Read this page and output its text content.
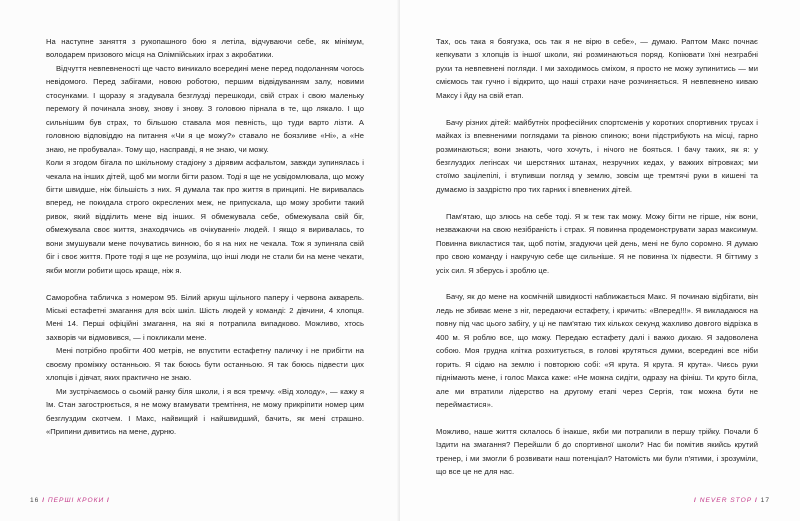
На наступне заняття з рукопашного бою я летіла, відчуваючи себе, як мінімум, володарем призового місця на Олімпійських іграх з акробатики.

Відчуття невпевненості ще часто виникало всередині мене перед подоланням чогось невідомого. Перед забігами, новою роботою, першим відвідуванням залу, новими стосунками. І щоразу я згадувала безглузді перешкоди, свій страх і свою маленьку перемогу й починала знову, знову і знову. З головою пірнала в те, що лякало. І що сильнішим був страх, то більшою ставала моя певність, що туди варто лізти. А головною відповіддю на питання «Чи я це можу?» ставало не боязливе «Ні», а «Не знаю, не пробувала». Тому що, насправді, я не знаю, чи можу.

Коли я згодом бігала по шкільному стадіону з дірявим асфальтом, завжди зупинялась і чекала на інших дітей, щоб ми могли бігти разом. Тоді я ще не усвідомлювала, що можу бігти швидше, ніж більшість з них. Я думала так про життя в принципі. Не виривалась вперед, не покидала строго окреслених меж, не припускала, що можу зробити такий ривок, який відділить мене від інших. Я обмежувала себе, обмежувала свій біг, обмежувала своє життя, знаходячись «в очікуванні» людей. І якщо я виривалась, то вони змушували мене почуватись винною, бо я на них не чекала. Тож я зупиняла свій біг і своє життя. Проте тоді я ще не розуміла, що інші люди не стали би на мене чекати, якби могли робити щось краще, ніж я.

Саморобна табличка з номером 95. Білий аркуш щільного паперу і червона акварель. Міські естафетні змагання для всіх шкіл. Шість людей у команді: 2 дівчини, 4 хлопця. Мені 14. Перші офіційні змагання, на які я потрапила випадково. Можливо, хтось захворів чи відмовився, — і покликали мене.

Мені потрібно пробігти 400 метрів, не впустити естафетну паличку і не прибігти на своєму проміжку останньою. Я так боюсь бути останньою. Я так боюсь підвести цих хлопців і дівчат, яких практично не знаю.

Ми зустрічаємось о сьомій ранку біля школи, і я вся тремчу. «Від холоду», — кажу я їм. Стан загострюється, я не можу вгамувати тремтіння, не можу прикріпити номер цим безглуздим скотчем. І Макс, найвищий і найшвидший, бачить, як мені страшно. «Припини дивитись на мене, дурню.

16 / ПЕРШІ КРОКИ /

Тах, ось така я боягузка, ось так я не вірю в себе», — думаю. Раптом Макс почнає кепкувати з хлопців із іншої школи, які розминаються поряд. Копіювати їхні незграбні рухи та невпевнені погляди. І ми заходимось сміхом, я просто не можу зупинитись — ми сміємось так гучно і відкрито, що наші страхи наче розчиняється. Я невпевнено киваю Максу і йду на свій етап.

Бачу різних дітей: майбутніх професійних спортсменів у коротких спортивних трусах і майках із впевненими поглядами та рівною спиною; вони підстрибують на місці, гарно розминаються; вони знають, чого хочуть, і нічого не бояться. І бачу таких, як я: у безглуздих легінсах чи шерстяних штанах, незручних кедах, у важких вітровках; ми стоїмо зацілепілі, і втупивши погляд у землю, зовсім ще тремтячі руки в кишені та думаємо із заздрістю про тих гарних і впевнених дітей.

Пам'ятаю, що злюсь на себе тоді. Я ж теж так можу. Можу бігти не гірше, ніж вони, незважаючи на свою незібраність і страх. Я повинна продемонструвати зараз максимум. Повинна викластися так, щоб потім, згадуючи цей день, мені не було соромно. Я думаю про свою команду і накручую себе ще сильніше. Я не повинна їх підвести. Я біттиму з усіх сил. Я зберусь і зроблю це.

Бачу, як до мене на космічній швидкості наближається Макс. Я починаю відбігати, він ледь не збиває мене з ніг, передаючи естафету, і кричить: «Вперед!!!». Я викладаюся на повну під час цього забігу, у ці не пам'ятаю тих кількох секунд жахливо довгого відрізка в 400 м. Я роблю все, що можу. Передаю естафету далі і важко дихаю. Я задоволена собою. Моя грудна клітка розхитується, в голові крутяться думки, всередині все ніби горить. Я сідаю на землю і повторюю собі: «Я крута. Я крута. Я крута». Чиєсь руки піднімають мене, і голос Макса каже: «Не можна сидіти, одразу на фініш. Ти круто бігла, але ми втратили лідерство на другому етапі через Сергія, тож можна бути не переймаєтися».

Можливо, наше життя склалось б інакше, якби ми потрапили в першу трійку. Почали б їздити на змагання? Перейшли б до спортивної школи? Нас би помітив якийсь крутий тренер, і ми змогли б розвивати наш потенціал? Натомість ми були п'ятими, і зрозуміли, що все це не для нас.

/ NEVER STOP / 17
